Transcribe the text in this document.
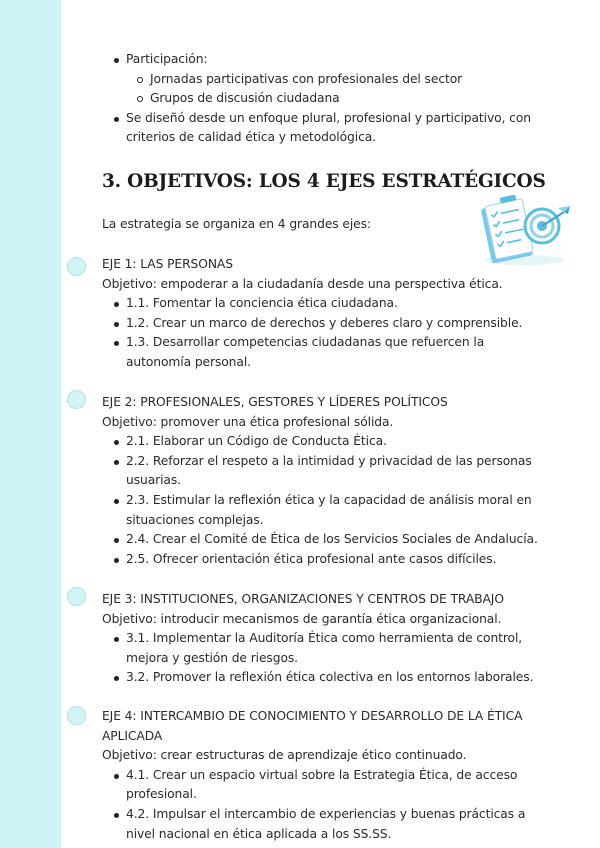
Participación:
Jornadas participativas con profesionales del sector
Grupos de discusión ciudadana
Se diseñó desde un enfoque plural, profesional y participativo, con criterios de calidad ética y metodológica.
3. OBJETIVOS: LOS 4 EJES ESTRATÉGICOS
La estrategia se organiza en 4 grandes ejes:
EJE 1: LAS PERSONAS
Objetivo: empoderar a la ciudadanía desde una perspectiva ética.
1.1. Fomentar la conciencia ética ciudadana.
1.2. Crear un marco de derechos y deberes claro y comprensible.
1.3. Desarrollar competencias ciudadanas que refuercen la autonomía personal.
EJE 2: PROFESIONALES, GESTORES Y LÍDERES POLÍTICOS
Objetivo: promover una ética profesional sólida.
2.1. Elaborar un Código de Conducta Ética.
2.2. Reforzar el respeto a la intimidad y privacidad de las personas usuarias.
2.3. Estimular la reflexión ética y la capacidad de análisis moral en situaciones complejas.
2.4. Crear el Comité de Ética de los Servicios Sociales de Andalucía.
2.5. Ofrecer orientación ética profesional ante casos difíciles.
EJE 3: INSTITUCIONES, ORGANIZACIONES Y CENTROS DE TRABAJO
Objetivo: introducir mecanismos de garantía ética organizacional.
3.1. Implementar la Auditoría Ética como herramienta de control, mejora y gestión de riesgos.
3.2. Promover la reflexión ética colectiva en los entornos laborales.
EJE 4: INTERCAMBIO DE CONOCIMIENTO Y DESARROLLO DE LA ÉTICA APLICADA
Objetivo: crear estructuras de aprendizaje ético continuado.
4.1. Crear un espacio virtual sobre la Estrategia Ética, de acceso profesional.
4.2. Impulsar el intercambio de experiencias y buenas prácticas a nivel nacional en ética aplicada a los SS.SS.
